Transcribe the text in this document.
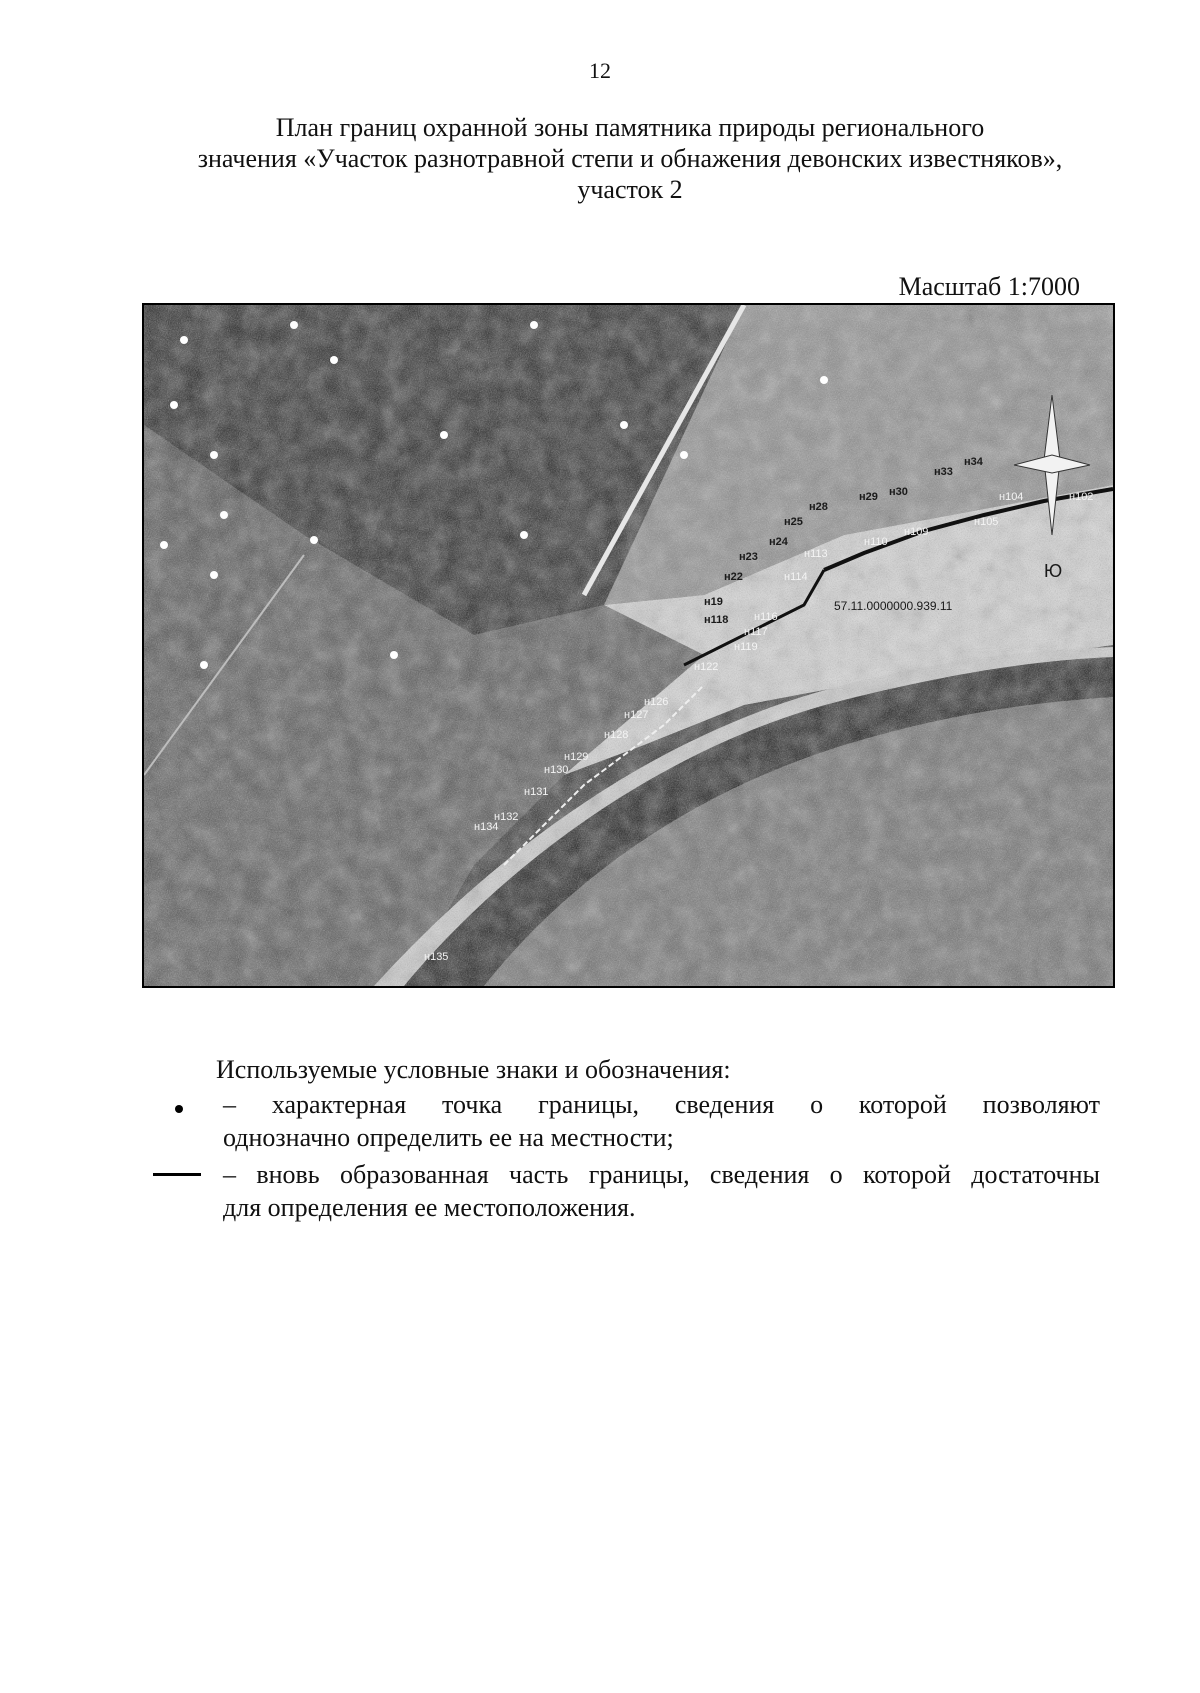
12
План границ охранной зоны памятника природы регионального
значения «Участок разнотравной степи и обнажения девонских известняков»,
участок 2
Масштаб 1:7000
Ю
57.11.0000000.939.11
н19
н22
н23
н24
н25
н28
н29 н30
н33
н34
н102
н104
н105
н109
н110
н113
н114
н116
н117
н118
н119
н122
н126
н127
н128
н129
н130
н131
н132
н134
н135
Используемые условные знаки и обозначения:
– характерная точка границы, сведения о которой позволяют
однозначно определить ее на местности;
– вновь образованная часть границы, сведения о которой достаточны
для определения ее местоположения.
